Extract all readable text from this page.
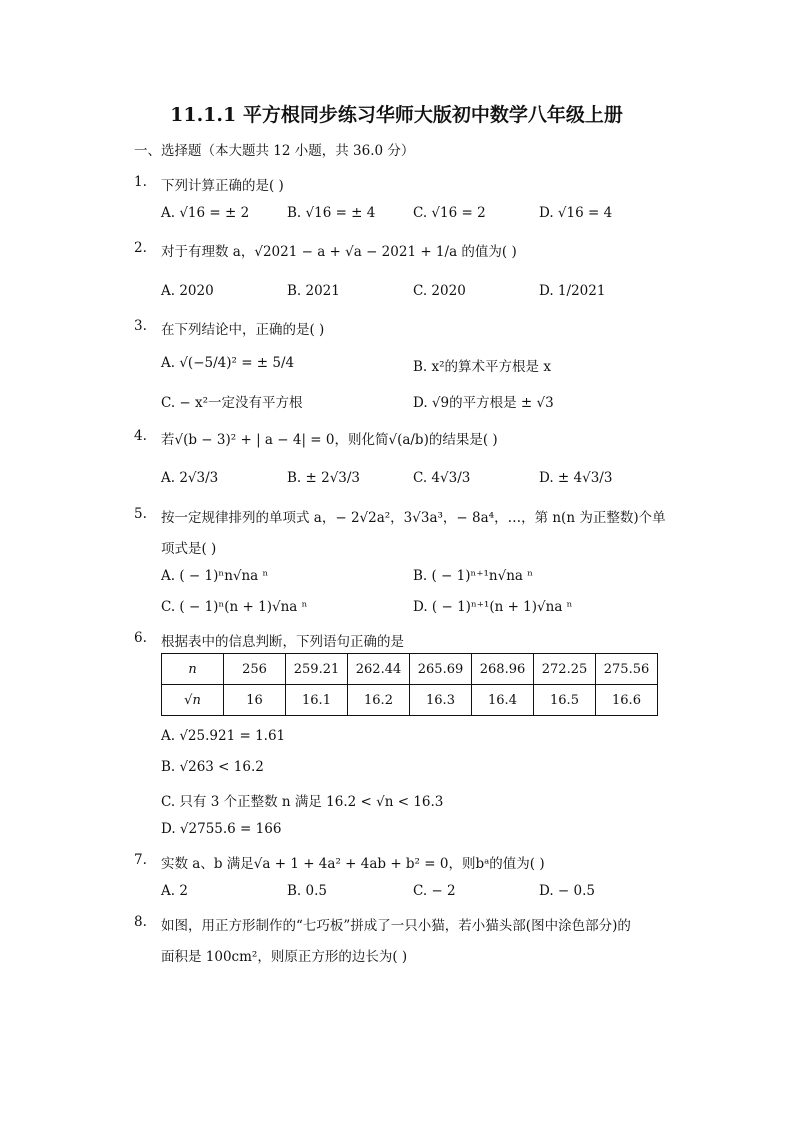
11.1.1 平方根同步练习华师大版初中数学八年级上册
一、选择题（本大题共 12 小题，共 36.0 分）
1.	下列计算正确的是( )
A. √16 = ± 2	B. √16 = ± 4	C. √16 = 2	D. √16 = 4
2.	对于有理数 a，√2021 − a + √a − 2021 + 1/a 的值为( )
A. 2020	B. 2021	C. 2020	D. 1/2021
3.	在下列结论中，正确的是( )
A. √(−5/4)² = ± 5/4	B. x²的算术平方根是 x
C. − x²一定没有平方根	D. √9的平方根是 ± √3
4.	若√(b − 3)² + | a − 4| = 0，则化简√(a/b)的结果是( )
A. 2√3/3	B. ± 2√3/3	C. 4√3/3	D. ± 4√3/3
5.	按一定规律排列的单项式 a，− 2√2a²，3√3a³，− 8a⁴，…，第 n(n 为正整数)个单
项式是( )
A. ( − 1)ⁿn√na ⁿ	B. ( − 1)ⁿ⁺¹n√na ⁿ
C. ( − 1)ⁿ(n + 1)√na ⁿ	D. ( − 1)ⁿ⁺¹(n + 1)√na ⁿ
6.	根据表中的信息判断，下列语句正确的是
n	256	259.21	262.44	265.69	268.96	272.25	275.56
√n	16	16.1	16.2	16.3	16.4	16.5	16.6
A. √25.921 = 1.61
B. √263 < 16.2
C. 只有 3 个正整数 n 满足 16.2 < √n < 16.3
D. √2755.6 = 166
7.	实数 a、b 满足√a + 1 + 4a² + 4ab + b² = 0，则bᵃ的值为( )
A. 2	B. 0.5	C. − 2	D. − 0.5
8.	如图，用正方形制作的“七巧板”拼成了一只小猫，若小猫头部(图中涂色部分)的
面积是 100cm²，则原正方形的边长为( )
